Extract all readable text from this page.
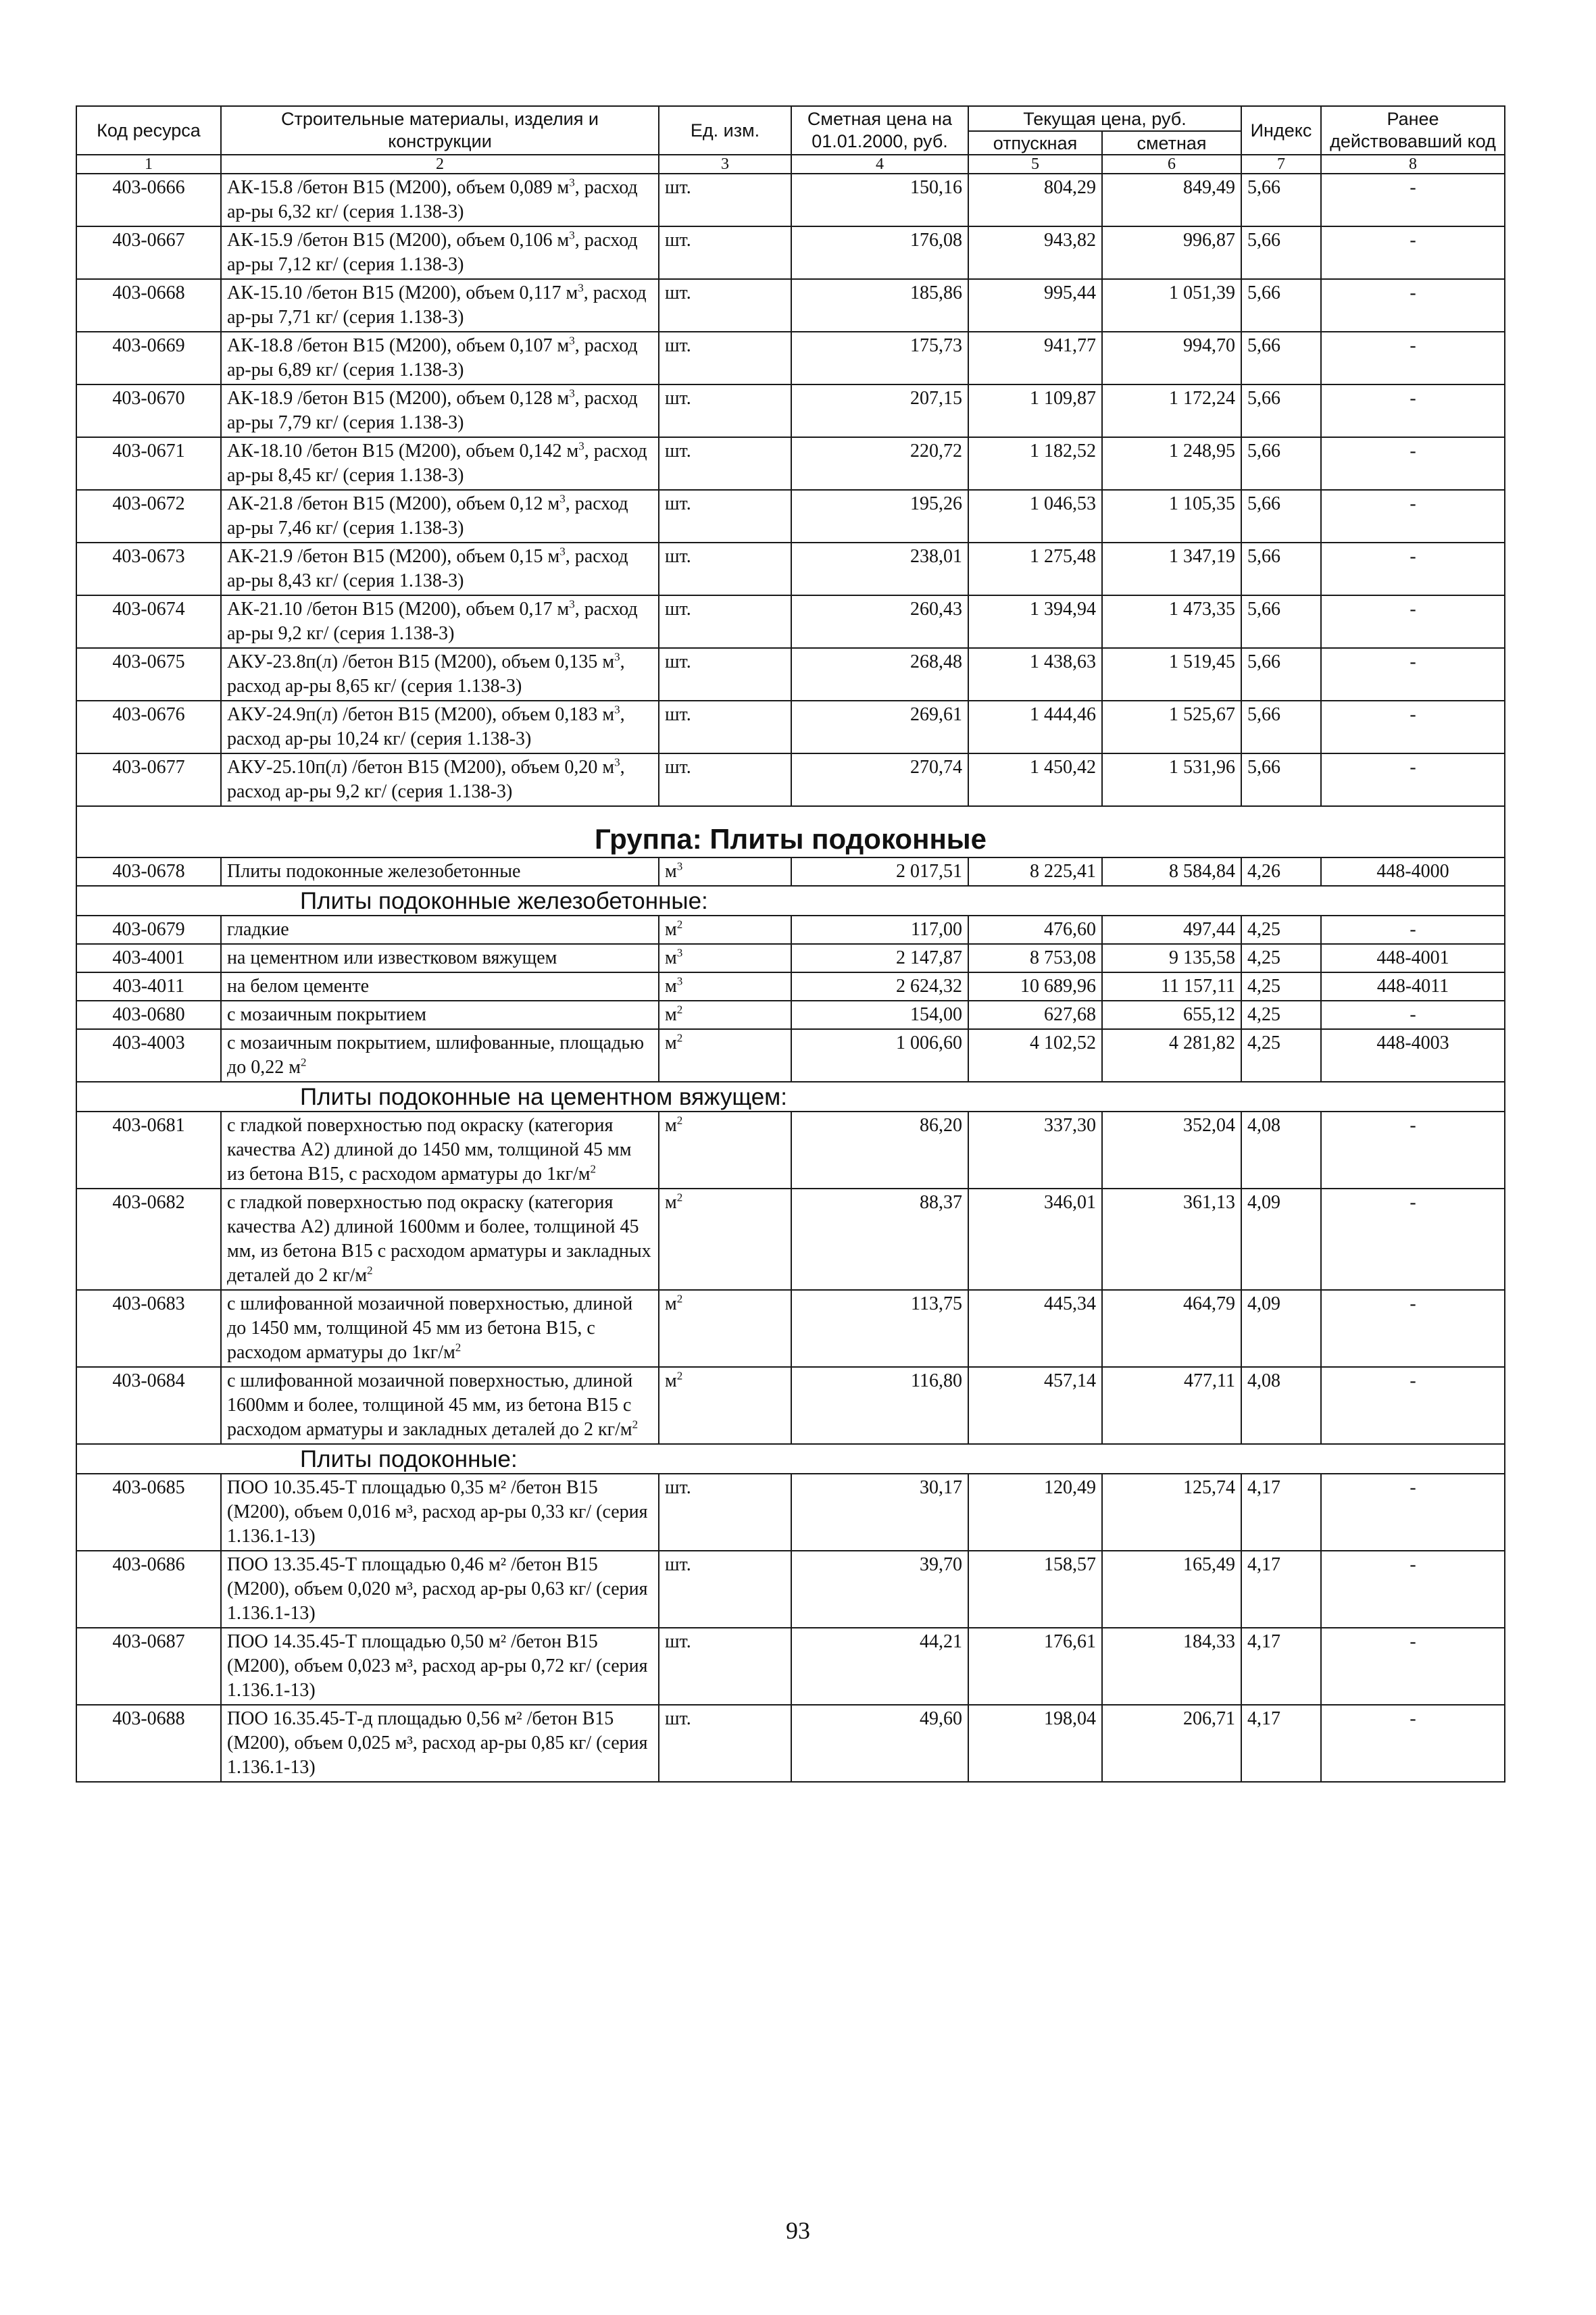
Код ресурса	Строительные материалы, изделия и конструкции	Ед. изм.	Сметная цена на 01.01.2000, руб.	Текущая цена, руб.		Индекс	Ранее действовавший код
				отпускная	сметная		
1	2	3	4	5	6	7	8
403-0666	АК-15.8 /бетон В15 (М200), объем 0,089 $м^3$, расход ар-ры 6,32 кг/ (серия 1.138-3)	шт.	150,16	804,29	849,49	5,66	-
403-0667	АК-15.9 /бетон В15 (М200), объем 0,106 $м^3$, расход ар-ры 7,12 кг/ (серия 1.138-3)	шт.	176,08	943,82	996,87	5,66	-
403-0668	АК-15.10 /бетон В15 (М200), объем 0,117 $м^3$, расход ар-ры 7,71 кг/ (серия 1.138-3)	шт.	185,86	995,44	1 051,39	5,66	-
403-0669	АК-18.8 /бетон В15 (М200), объем 0,107 $м^3$, расход ар-ры 6,89 кг/ (серия 1.138-3)	шт.	175,73	941,77	994,70	5,66	-
403-0670	АК-18.9 /бетон В15 (М200), объем 0,128 $м^3$, расход ар-ры 7,79 кг/ (серия 1.138-3)	шт.	207,15	1 109,87	1 172,24	5,66	-
403-0671	АК-18.10 /бетон В15 (М200), объем 0,142 $м^3$, расход ар-ры 8,45 кг/ (серия 1.138-3)	шт.	220,72	1 182,52	1 248,95	5,66	-
403-0672	АК-21.8 /бетон В15 (М200), объем 0,12 $м^3$, расход ар-ры 7,46 кг/ (серия 1.138-3)	шт.	195,26	1 046,53	1 105,35	5,66	-
403-0673	АК-21.9 /бетон В15 (М200), объем 0,15 $м^3$, расход ар-ры 8,43 кг/ (серия 1.138-3)	шт.	238,01	1 275,48	1 347,19	5,66	-
403-0674	АК-21.10 /бетон В15 (М200), объем 0,17 $м^3$, расход ар-ры 9,2 кг/ (серия 1.138-3)	шт.	260,43	1 394,94	1 473,35	5,66	-
403-0675	АКУ-23.8п(л) /бетон В15 (М200), объем 0,135 $м^3$, расход ар-ры 8,65 кг/ (серия 1.138-3)	шт.	268,48	1 438,63	1 519,45	5,66	-
403-0676	АКУ-24.9п(л) /бетон В15 (М200), объем 0,183 $м^3$, расход ар-ры 10,24 кг/ (серия 1.138-3)	шт.	269,61	1 444,46	1 525,67	5,66	-
403-0677	АКУ-25.10п(л) /бетон В15 (М200), объем 0,20 $м^3$, расход ар-ры 9,2 кг/ (серия 1.138-3)	шт.	270,74	1 450,42	1 531,96	5,66	-
Группа: Плиты подоконные							
403-0678	Плиты подоконные железобетонные	$м^3$	2 017,51	8 225,41	8 584,84	4,26	448-4000
Плиты подоконные железобетонные:							
403-0679	гладкие	$м^2$	117,00	476,60	497,44	4,25	-
403-4001	на цементном или известковом вяжущем	$м^3$	2 147,87	8 753,08	9 135,58	4,25	448-4001
403-4011	на белом цементе	$м^3$	2 624,32	10 689,96	11 157,11	4,25	448-4011
403-0680	с мозаичным покрытием	$м^2$	154,00	627,68	655,12	4,25	-
403-4003	с мозаичным покрытием, шлифованные, площадью до 0,22 $м^2$	$м^2$	1 006,60	4 102,52	4 281,82	4,25	448-4003
Плиты подоконные на цементном вяжущем:							
403-0681	с гладкой поверхностью под окраску (категория качества А2) длиной до 1450 мм, толщиной 45 мм из бетона В15, с расходом арматуры до $1кг/м^2$	$м^2$	86,20	337,30	352,04	4,08	-
403-0682	с гладкой поверхностью под окраску (категория качества А2) длиной 1600мм и более, толщиной 45 мм, из бетона В15 с расходом арматуры и закладных деталей до 2 $кг/м^2$	$м^2$	88,37	346,01	361,13	4,09	-
403-0683	с шлифованной мозаичной поверхностью, длиной до 1450 мм, толщиной 45 мм из бетона В15, с расходом арматуры до $1кг/м^2$	$м^2$	113,75	445,34	464,79	4,09	-
403-0684	с шлифованной мозаичной поверхностью, длиной 1600мм и более, толщиной 45 мм, из бетона В15 с расходом арматуры и закладных деталей до 2 $кг/м^2$	$м^2$	116,80	457,14	477,11	4,08	-
Плиты подоконные:							
403-0685	ПОО 10.35.45-Т площадью 0,35 м² /бетон В15 (М200), объем 0,016 м³, расход ар-ры 0,33 кг/ (серия 1.136.1-13)	шт.	30,17	120,49	125,74	4,17	-
403-0686	ПОО 13.35.45-Т площадью 0,46 м² /бетон В15 (М200), объем 0,020 м³, расход ар-ры 0,63 кг/ (серия 1.136.1-13)	шт.	39,70	158,57	165,49	4,17	-
403-0687	ПОО 14.35.45-Т площадью 0,50 м² /бетон В15 (М200), объем 0,023 м³, расход ар-ры 0,72 кг/ (серия 1.136.1-13)	шт.	44,21	176,61	184,33	4,17	-
403-0688	ПОО 16.35.45-Т-д площадью 0,56 м² /бетон В15 (М200), объем 0,025 м³, расход ар-ры 0,85 кг/ (серия 1.136.1-13)	шт.	49,60	198,04	206,71	4,17	-
93
